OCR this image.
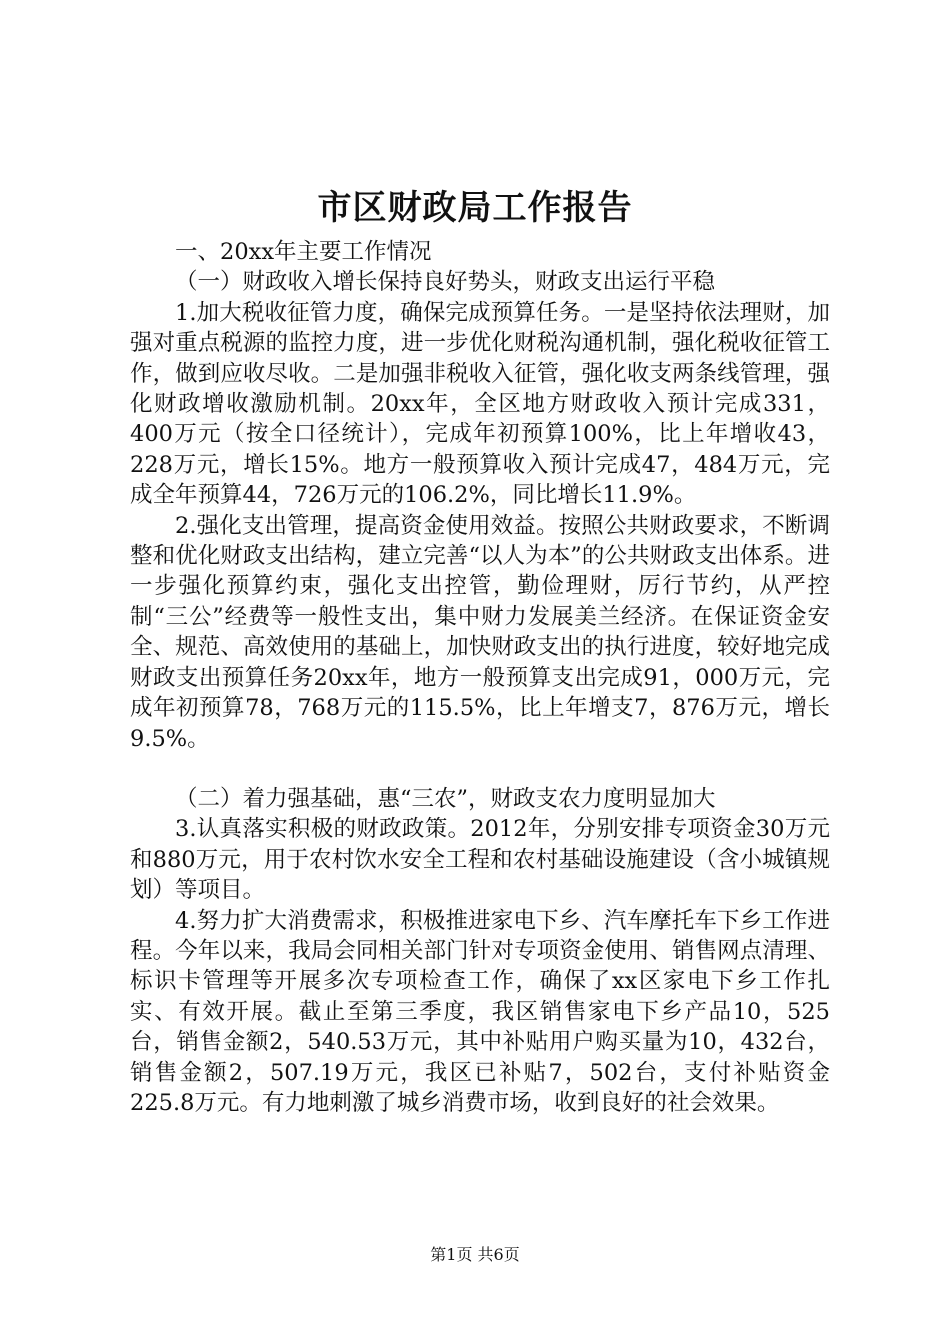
市区财政局工作报告

一、20xx年主要工作情况

（一）财政收入增长保持良好势头，财政支出运行平稳

1.加大税收征管力度，确保完成预算任务。一是坚持依法理财，加强对重点税源的监控力度，进一步优化财税沟通机制，强化税收征管工作，做到应收尽收。二是加强非税收入征管，强化收支两条线管理，强化财政增收激励机制。20xx年，全区地方财政收入预计完成331，400万元（按全口径统计），完成年初预算100%，比上年增收43，228万元，增长15%。地方一般预算收入预计完成47，484万元，完成全年预算44，726万元的106.2%，同比增长11.9%。

2.强化支出管理，提高资金使用效益。按照公共财政要求，不断调整和优化财政支出结构，建立完善“以人为本”的公共财政支出体系。进一步强化预算约束，强化支出控管，勤俭理财，厉行节约，从严控制“三公”经费等一般性支出，集中财力发展美兰经济。在保证资金安全、规范、高效使用的基础上，加快财政支出的执行进度，较好地完成财政支出预算任务20xx年，地方一般预算支出完成91，000万元，完成年初预算78，768万元的115.5%，比上年增支7，876万元，增长9.5%。

（二）着力强基础，惠“三农”，财政支农力度明显加大

3.认真落实积极的财政政策。2012年，分别安排专项资金30万元和880万元，用于农村饮水安全工程和农村基础设施建设（含小城镇规划）等项目。

4.努力扩大消费需求，积极推进家电下乡、汽车摩托车下乡工作进程。今年以来，我局会同相关部门针对专项资金使用、销售网点清理、标识卡管理等开展多次专项检查工作，确保了xx区家电下乡工作扎实、有效开展。截止至第三季度，我区销售家电下乡产品10，525台，销售金额2，540.53万元，其中补贴用户购买量为10，432台，销售金额2，507.19万元，我区已补贴7，502台，支付补贴资金225.8万元。有力地刺激了城乡消费市场，收到良好的社会效果。

第1页 共6页
